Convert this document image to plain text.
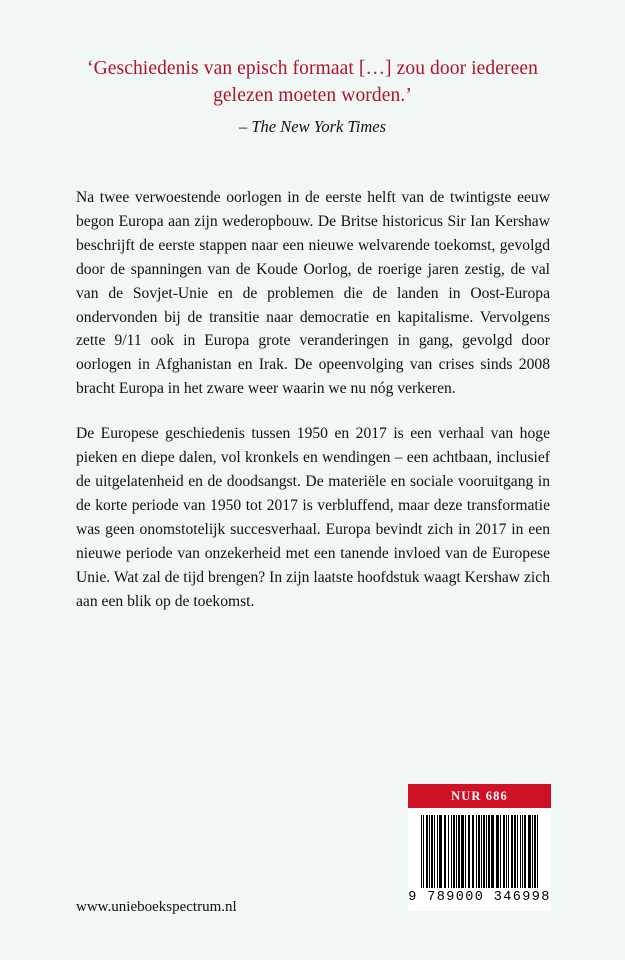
‘Geschiedenis van episch formaat […] zou door iedereen gelezen moeten worden.’
– The New York Times

Na twee verwoestende oorlogen in de eerste helft van de twintigste eeuw begon Europa aan zijn wederopbouw. De Britse historicus Sir Ian Kershaw beschrijft de eerste stappen naar een nieuwe welvarende toekomst, gevolgd door de spanningen van de Koude Oorlog, de roerige jaren zestig, de val van de Sovjet-Unie en de problemen die de landen in Oost-Europa ondervonden bij de transitie naar democratie en kapitalisme. Vervolgens zette 9/11 ook in Europa grote veranderingen in gang, gevolgd door oorlogen in Afghanistan en Irak. De opeenvolging van crises sinds 2008 bracht Europa in het zware weer waarin we nu nóg verkeren.

De Europese geschiedenis tussen 1950 en 2017 is een verhaal van hoge pieken en diepe dalen, vol kronkels en wendingen – een achtbaan, inclusief de uitgelatenheid en de doodsangst. De materiële en sociale vooruitgang in de korte periode van 1950 tot 2017 is verbluffend, maar deze transformatie was geen onomstotelijk succesverhaal. Europa bevindt zich in 2017 in een nieuwe periode van onzekerheid met een tanende invloed van de Europese Unie. Wat zal de tijd brengen? In zijn laatste hoofdstuk waagt Kershaw zich aan een blik op de toekomst.

www.unieboekspectrum.nl
NUR 686
9 789000 346998
